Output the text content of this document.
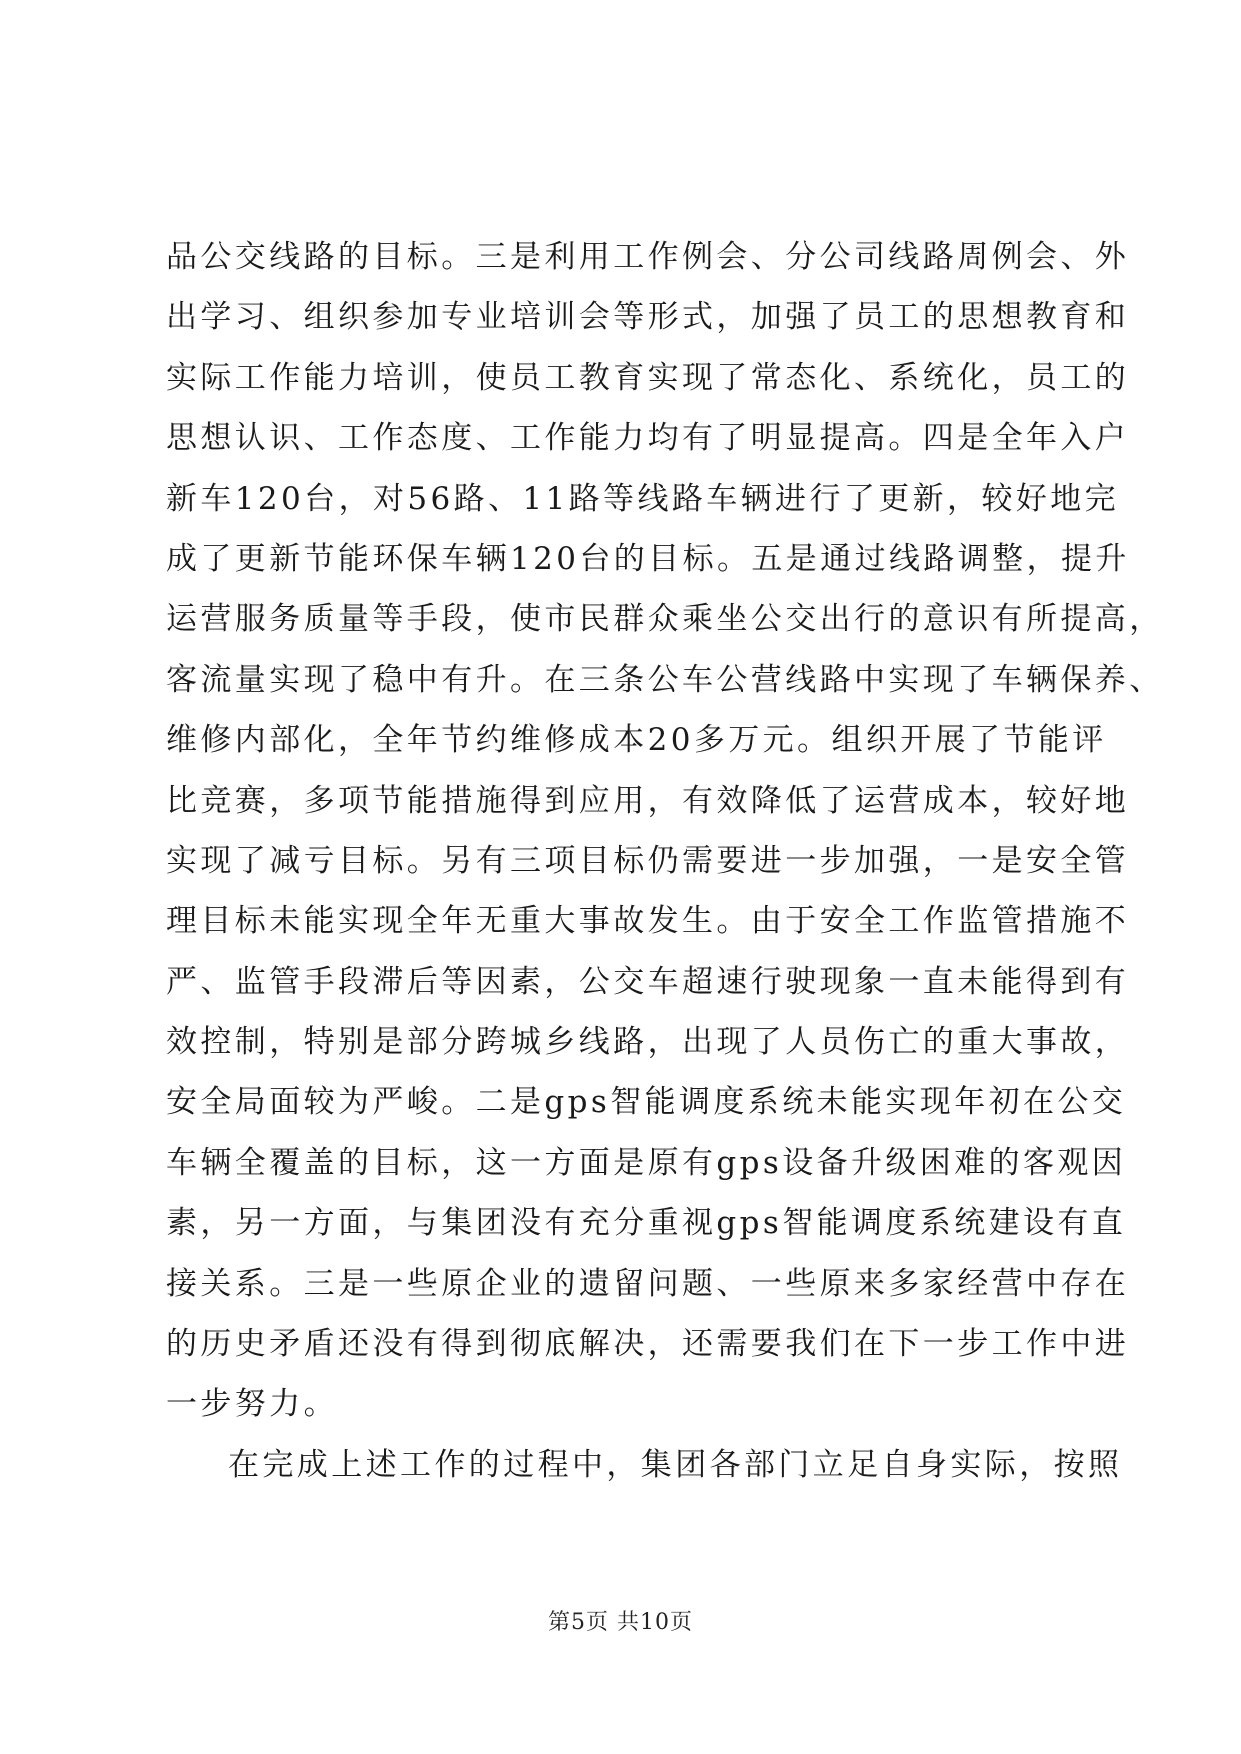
品公交线路的目标。三是利用工作例会、分公司线路周例会、外
出学习、组织参加专业培训会等形式，加强了员工的思想教育和
实际工作能力培训，使员工教育实现了常态化、系统化，员工的
思想认识、工作态度、工作能力均有了明显提高。四是全年入户
新车120台，对56路、11路等线路车辆进行了更新，较好地完
成了更新节能环保车辆120台的目标。五是通过线路调整，提升
运营服务质量等手段，使市民群众乘坐公交出行的意识有所提高，
客流量实现了稳中有升。在三条公车公营线路中实现了车辆保养、
维修内部化，全年节约维修成本20多万元。组织开展了节能评
比竞赛，多项节能措施得到应用，有效降低了运营成本，较好地
实现了减亏目标。另有三项目标仍需要进一步加强，一是安全管
理目标未能实现全年无重大事故发生。由于安全工作监管措施不
严、监管手段滞后等因素，公交车超速行驶现象一直未能得到有
效控制，特别是部分跨城乡线路，出现了人员伤亡的重大事故，
安全局面较为严峻。二是gps智能调度系统未能实现年初在公交
车辆全覆盖的目标，这一方面是原有gps设备升级困难的客观因
素，另一方面，与集团没有充分重视gps智能调度系统建设有直
接关系。三是一些原企业的遗留问题、一些原来多家经营中存在
的历史矛盾还没有得到彻底解决，还需要我们在下一步工作中进
一步努力。
在完成上述工作的过程中，集团各部门立足自身实际，按照
第5页 共10页
